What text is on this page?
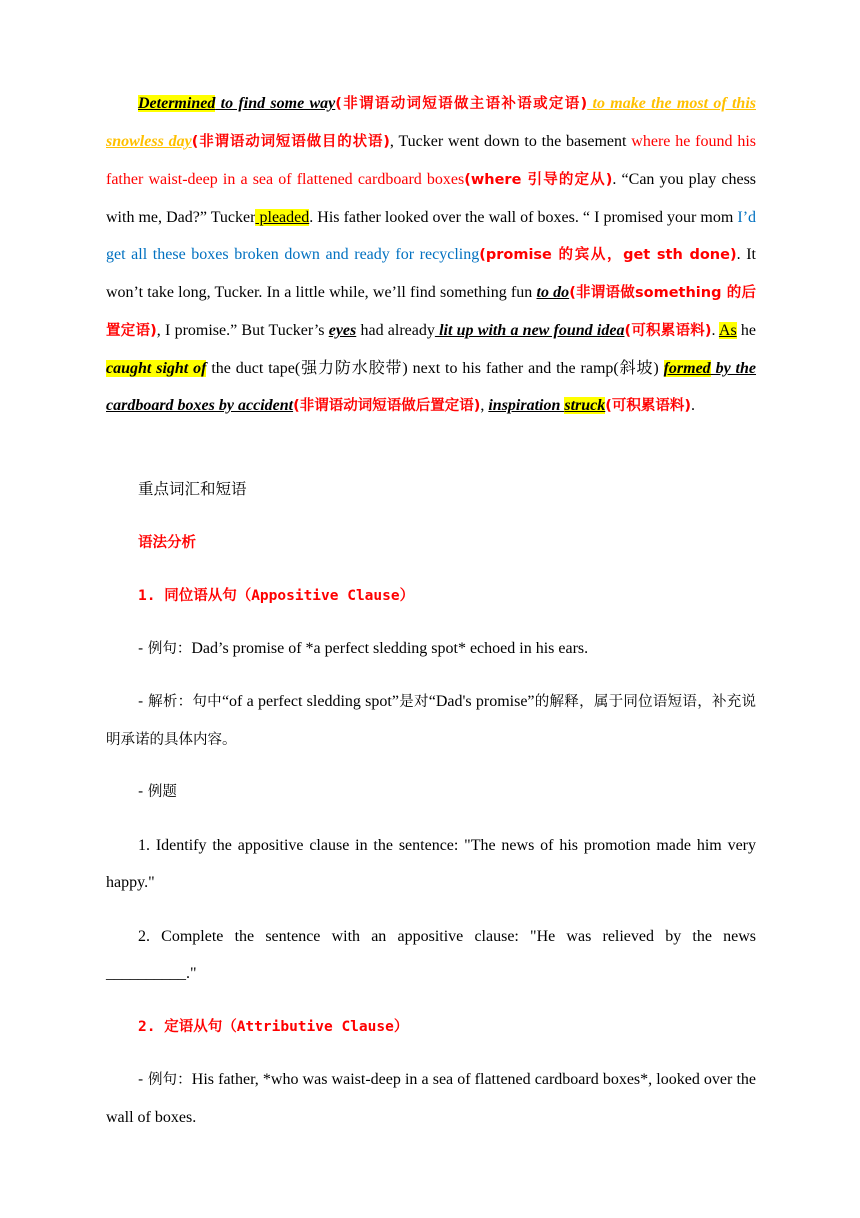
Determined to find some way(非谓语动词短语做主语补语或定语) to make the most of this snowless day(非谓语动词短语做目的状语), Tucker went down to the basement where he found his father waist-deep in a sea of flattened cardboard boxes(where 引导的定从). “Can you play chess with me, Dad?” Tucker pleaded. His father looked over the wall of boxes. “ I promised your mom I’d get all these boxes broken down and ready for recycling(promise 的宾从，get sth done). It won’t take long, Tucker. In a little while, we’ll find something fun to do(非谓语做something 的后置定语), I promise.” But Tucker’s eyes had already lit up with a new found idea(可积累语料). As he caught sight of the duct tape(强力防水胶带) next to his father and the ramp(斜坡) formed by the cardboard boxes by accident(非谓语动词短语做后置定语), inspiration struck(可积累语料).
重点词汇和短语
语法分析
1. 同位语从句（Appositive Clause）
- 例句：Dad’s promise of *a perfect sledding spot* echoed in his ears.
- 解析：句中“of a perfect sledding spot”是对“Dad's promise”的解释，属于同位语短语，补充说明承诺的具体内容。
- 例题
1. Identify the appositive clause in the sentence: "The news of his promotion made him very happy."
2. Complete the sentence with an appositive clause: "He was relieved by the news __________."
2. 定语从句（Attributive Clause）
- 例句：His father, *who was waist-deep in a sea of flattened cardboard boxes*, looked over the wall of boxes.
